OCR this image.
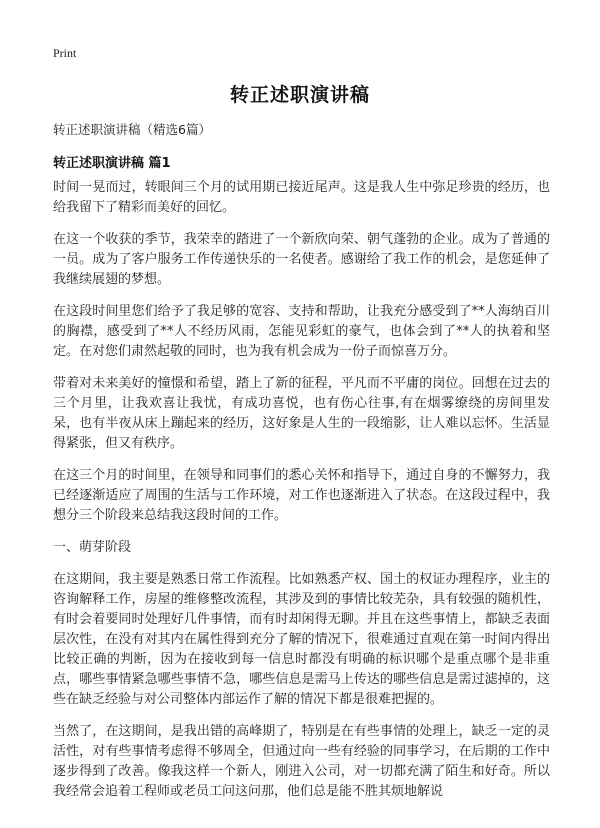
Print
转正述职演讲稿
转正述职演讲稿（精选6篇）
转正述职演讲稿 篇1

时间一晃而过，转眼间三个月的试用期已接近尾声。这是我人生中弥足珍贵的经历，也给我留下了精彩而美好的回忆。

在这一个收获的季节，我荣幸的踏进了一个新欣向荣、朝气蓬勃的企业。成为了普通的一员。成为了客户服务工作传递快乐的一名使者。感谢给了我工作的机会，是您延伸了我继续展翅的梦想。

在这段时间里您们给予了我足够的宽容、支持和帮助，让我充分感受到了**人海纳百川的胸襟，感受到了**人不经历风雨，怎能见彩虹的豪气，也体会到了**人的执着和坚定。在对您们肃然起敬的同时，也为我有机会成为一份子而惊喜万分。

带着对未来美好的憧憬和希望，踏上了新的征程，平凡而不平庸的岗位。回想在过去的三个月里，让我欢喜让我忧，有成功喜悦，也有伤心往事,有在烟雾缭绕的房间里发呆，也有半夜从床上蹦起来的经历，这好象是人生的一段缩影，让人难以忘怀。生活显得紧张，但又有秩序。

在这三个月的时间里，在领导和同事们的悉心关怀和指导下，通过自身的不懈努力，我已经逐渐适应了周围的生活与工作环境，对工作也逐渐进入了状态。在这段过程中，我想分三个阶段来总结我这段时间的工作。

一、萌芽阶段

在这期间，我主要是熟悉日常工作流程。比如熟悉产权、国土的权证办理程序，业主的咨询解释工作，房屋的维修整改流程，其涉及到的事情比较芜杂，具有较强的随机性，有时会着要同时处理好几件事情，而有时却闲得无聊。并且在这些事情上，都缺乏表面层次性，在没有对其内在属性得到充分了解的情况下，很难通过直观在第一时间内得出比较正确的判断，因为在接收到每一信息时都没有明确的标识哪个是重点哪个是非重点，哪些事情紧急哪些事情不急，哪些信息是需马上传达的哪些信息是需过滤掉的，这些在缺乏经验与对公司整体内部运作了解的情况下都是很难把握的。

当然了，在这期间，是我出错的高峰期了，特别是在有些事情的处理上，缺乏一定的灵活性，对有些事情考虑得不够周全，但通过向一些有经验的同事学习，在后期的工作中逐步得到了改善。像我这样一个新人，刚进入公司，对一切都充满了陌生和好奇。所以我经常会追着工程师或老员工问这问那，他们总是能不胜其烦地解说
